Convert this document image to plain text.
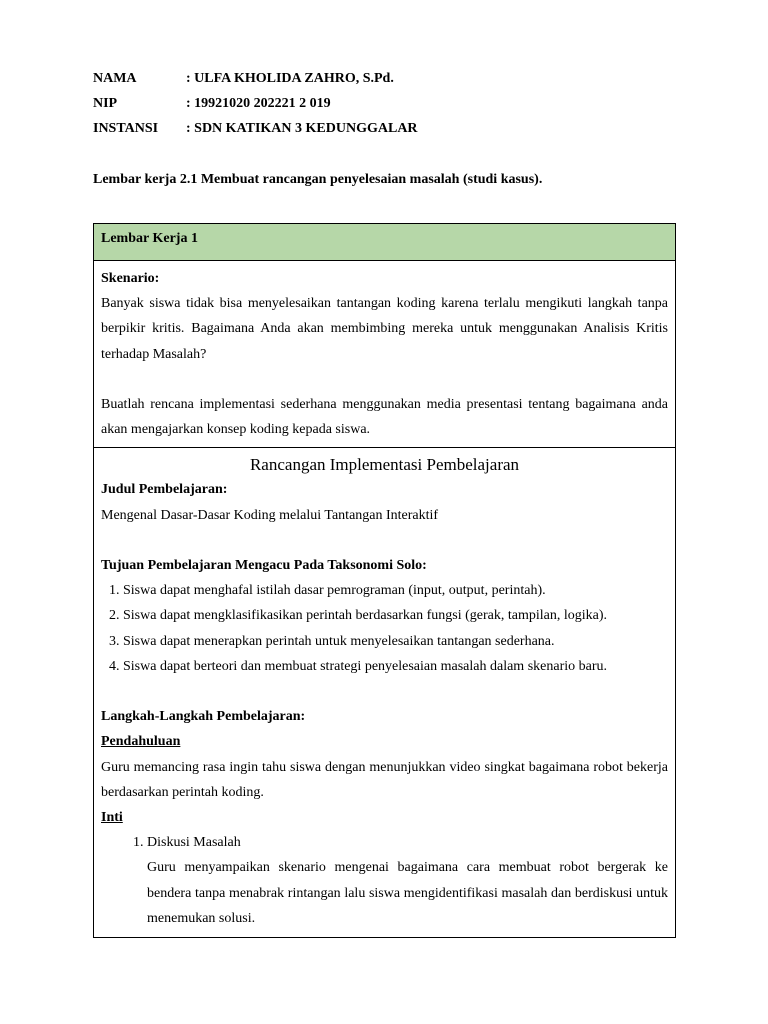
NAMA	: ULFA KHOLIDA ZAHRO, S.Pd.
NIP	: 19921020 202221 2 019
INSTANSI	: SDN KATIKAN 3 KEDUNGGALAR
Lembar kerja 2.1 Membuat rancangan penyelesaian masalah (studi kasus).
Lembar Kerja 1

Skenario:
Banyak siswa tidak bisa menyelesaikan tantangan koding karena terlalu mengikuti langkah tanpa berpikir kritis. Bagaimana Anda akan membimbing mereka untuk menggunakan Analisis Kritis terhadap Masalah?
Buatlah rencana implementasi sederhana menggunakan media presentasi tentang bagaimana anda akan mengajarkan konsep koding kepada siswa.

Rancangan Implementasi Pembelajaran
Judul Pembelajaran:
Mengenal Dasar-Dasar Koding melalui Tantangan Interaktif
Tujuan Pembelajaran Mengacu Pada Taksonomi Solo:
1. Siswa dapat menghafal istilah dasar pemrograman (input, output, perintah).
2. Siswa dapat mengklasifikasikan perintah berdasarkan fungsi (gerak, tampilan, logika).
3. Siswa dapat menerapkan perintah untuk menyelesaikan tantangan sederhana.
4. Siswa dapat berteori dan membuat strategi penyelesaian masalah dalam skenario baru.
Langkah-Langkah Pembelajaran:
Pendahuluan
Guru memancing rasa ingin tahu siswa dengan menunjukkan video singkat bagaimana robot bekerja berdasarkan perintah koding.
Inti
1. Diskusi Masalah
Guru menyampaikan skenario mengenai bagaimana cara membuat robot bergerak ke bendera tanpa menabrak rintangan lalu siswa mengidentifikasi masalah dan berdiskusi untuk menemukan solusi.
